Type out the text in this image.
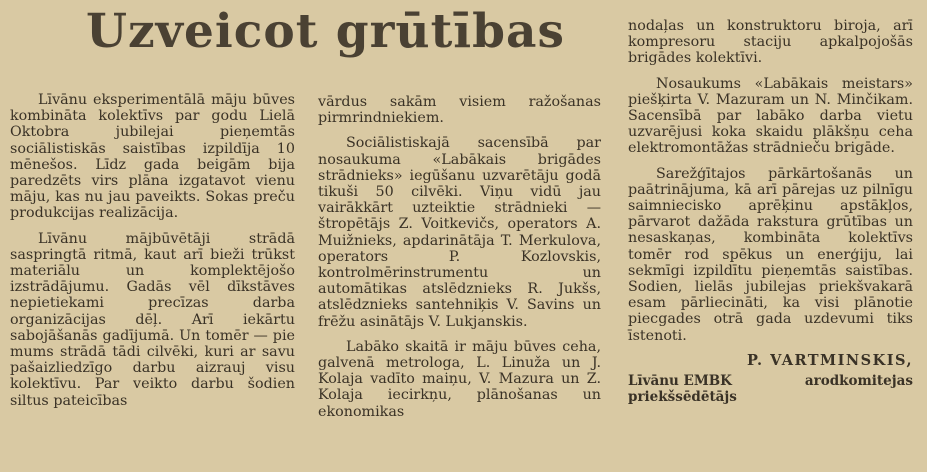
Uzveicot grūtības

Līvānu eksperimentālā māju būves kombināta kolektīvs par godu Lielā Oktobra jubilejai pieņemtās sociālistiskās saistības izpildīja 10 mēnešos. Līdz gada beigām bija paredzēts virs plāna izgatavot vienu māju, kas nu jau paveikts. Sokas preču produkcijas realizācija.

Līvānu mājbūvētāji strādā saspringtā ritmā, kaut arī bieži trūkst materiālu un komplektējošo izstrādājumu. Gadās vēl dīkstāves nepietiekami precīzas darba organizācijas dēļ. Arī iekārtu sabojāšanās gadījumā. Un tomēr — pie mums strādā tādi cilvēki, kuri ar savu pašaizliedzīgo darbu aizrauj visu kolektīvu. Par veikto darbu šodien siltus pateicības

vārdus sakām visiem ražošanas pirmrindniekiem.

Sociālistiskajā sacensībā par nosaukuma «Labākais brigādes strādnieks» iegūšanu uzvarētāju godā tikuši 50 cilvēki. Viņu vidū jau vairākkārt uzteiktie strādnieki — štropētājs Z. Voitkevičs, operators A. Muižnieks, apdarinātāja T. Merkulova, operators P. Kozlovskis, kontrolmērinstrumentu un automātikas atslēdznieks R. Jukšs, atslēdznieks santehniķis V. Savins un frēžu asinātājs V. Lukjanskis.

Labāko skaitā ir māju būves ceha, galvenā metrologa, L. Linuža un J. Kolaja vadīto maiņu, V. Mazura un Z. Kolaja iecirkņu, plānošanas un ekonomikas

nodaļas un konstruktoru biroja, arī kompresoru staciju apkalpojošās brigādes kolektīvi.

Nosaukums «Labākais meistars» piešķirta V. Mazuram un N. Minčikam. Sacensībā par labāko darba vietu uzvarējusi koka skaidu plākšņu ceha elektromontāžas strādnieču brigāde.

Sarežģītajos pārkārtošanās un paātrinājuma, kā arī pārejas uz pilnīgu saimniecisko aprēķinu apstākļos, pārvarot dažāda rakstura grūtības un nesaskaņas, kombināta kolektīvs tomēr rod spēkus un enerģiju, lai sekmīgi izpildītu pieņemtās saistības. Sodien, lielās jubilejas priekšvakarā esam pārliecināti, ka visi plānotie piecgades otrā gada uzdevumi tiks īstenoti.

P. VARTMINSKIS,
Līvānu EMBK	arodkomitejas
priekšsēdētājs
